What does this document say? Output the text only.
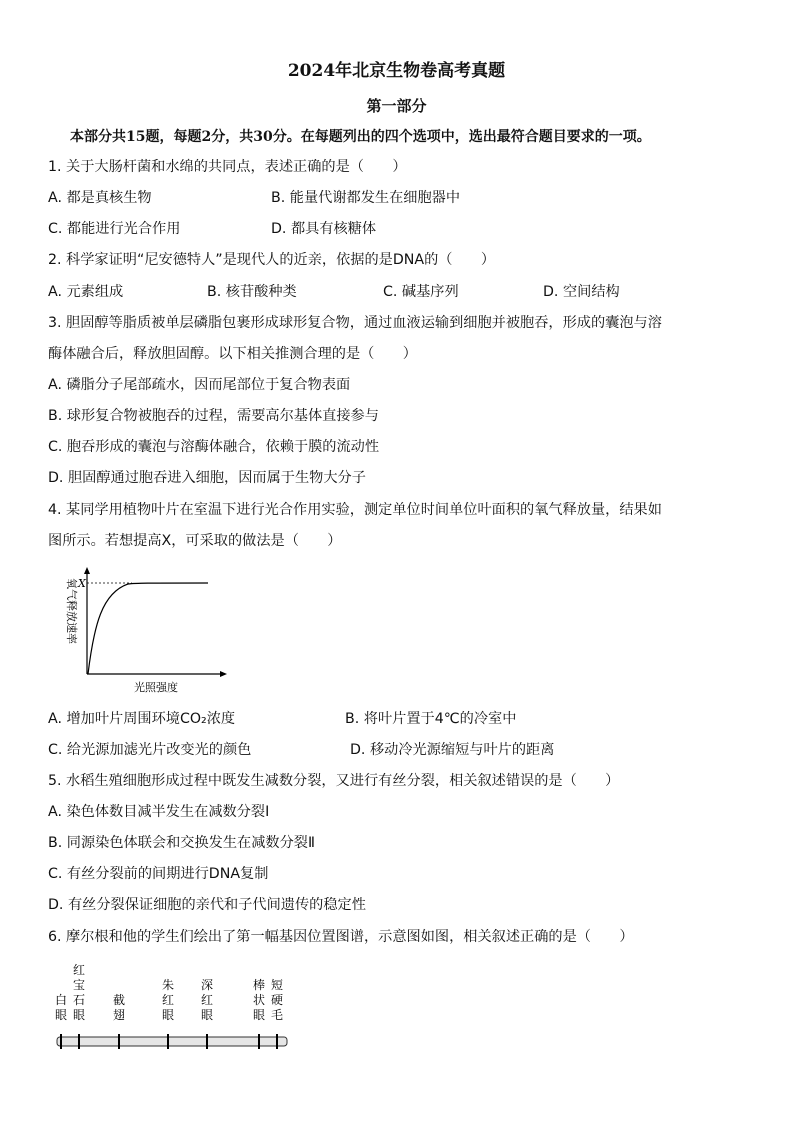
2024年北京生物卷高考真题
第一部分
本部分共15题，每题2分，共30分。在每题列出的四个选项中，选出最符合题目要求的一项。
1. 关于大肠杆菌和水绵的共同点，表述正确的是（　　）
A. 都是真核生物	B. 能量代谢都发生在细胞器中
C. 都能进行光合作用	D. 都具有核糖体
2. 科学家证明“尼安德特人”是现代人的近亲，依据的是DNA的（　　）
A. 元素组成	B. 核苷酸种类	C. 碱基序列	D. 空间结构
3. 胆固醇等脂质被单层磷脂包裹形成球形复合物，通过血液运输到细胞并被胞吞，形成的囊泡与溶
酶体融合后，释放胆固醇。以下相关推测合理的是（　　）
A. 磷脂分子尾部疏水，因而尾部位于复合物表面
B. 球形复合物被胞吞的过程，需要高尔基体直接参与
C. 胞吞形成的囊泡与溶酶体融合，依赖于膜的流动性
D. 胆固醇通过胞吞进入细胞，因而属于生物大分子
4. 某同学用植物叶片在室温下进行光合作用实验，测定单位时间单位叶面积的氧气释放量，结果如
图所示。若想提高X，可采取的做法是（　　）
X
氧气释放速率
光照强度
A. 增加叶片周围环境CO₂浓度	B. 将叶片置于4℃的冷室中
C. 给光源加滤光片改变光的颜色	D. 移动冷光源缩短与叶片的距离
5. 水稻生殖细胞形成过程中既发生减数分裂，又进行有丝分裂，相关叙述错误的是（　　）
A. 染色体数目减半发生在减数分裂Ⅰ
B. 同源染色体联会和交换发生在减数分裂Ⅱ
C. 有丝分裂前的间期进行DNA复制
D. 有丝分裂保证细胞的亲代和子代间遗传的稳定性
6. 摩尔根和他的学生们绘出了第一幅基因位置图谱，示意图如图，相关叙述正确的是（　　）
白眼
红宝石眼
截翅
朱红眼
深红眼
棒状眼
短硬毛
